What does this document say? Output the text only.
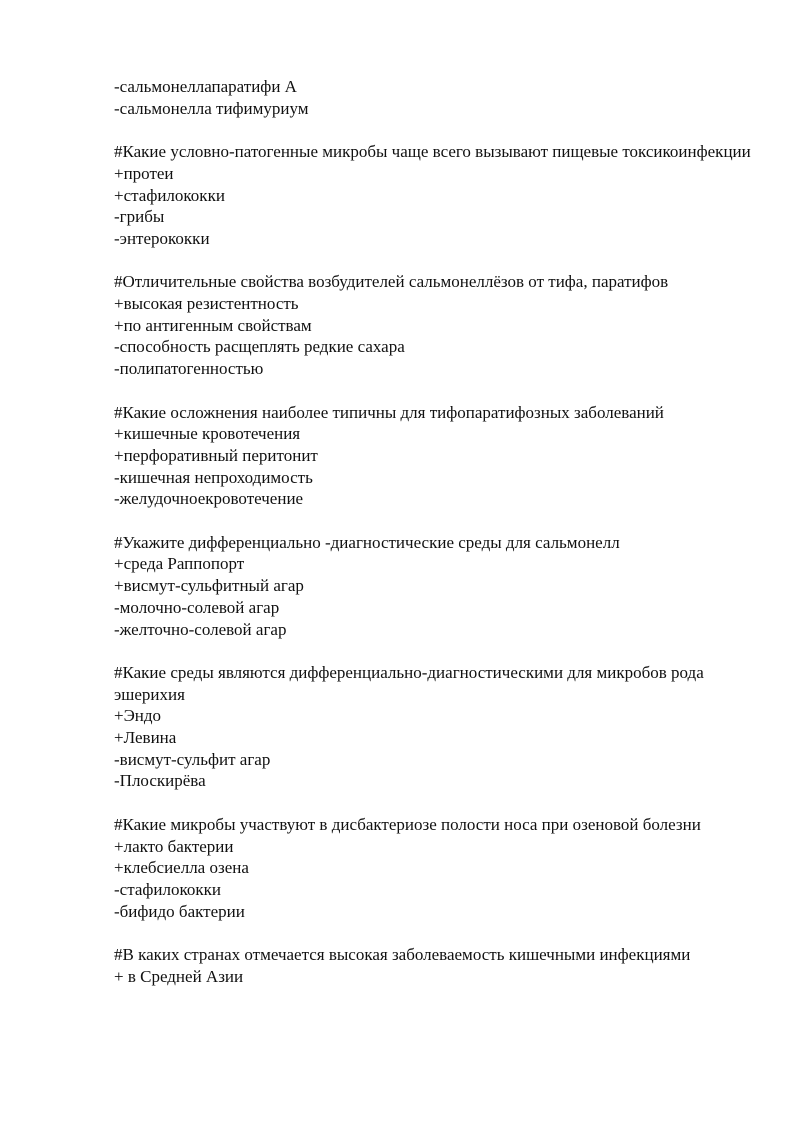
-сальмонеллапаратифи А

-сальмонелла тифимуриум

#Какие условно-патогенные микробы чаще всего вызывают пищевые токсикоинфекции

+протеи

+стафилококки

-грибы

-энтерококки

#Отличительные свойства возбудителей сальмонеллёзов от тифа, паратифов

+высокая резистентность

+по антигенным свойствам

-способность расщеплять редкие сахара

-полипатогенностью

#Какие осложнения наиболее типичны для тифопаратифозных заболеваний

+кишечные кровотечения

+перфоративный перитонит

-кишечная непроходимость

-желудочноекровотечение

#Укажите дифференциально -диагностические среды для сальмонелл

+среда Раппопорт

+висмут-сульфитный агар

-молочно-солевой агар

-желточно-солевой агар

#Какие среды являются дифференциально-диагностическими для микробов рода эшерихия

+Эндо

+Левина

-висмут-сульфит агар

-Плоскирёва

#Какие микробы участвуют в дисбактериозе полости носа при озеновой болезни

+лакто бактерии

+клебсиелла озена

-стафилококки

-бифидо бактерии

#В каких странах отмечается высокая заболеваемость кишечными инфекциями

+ в Средней Азии
